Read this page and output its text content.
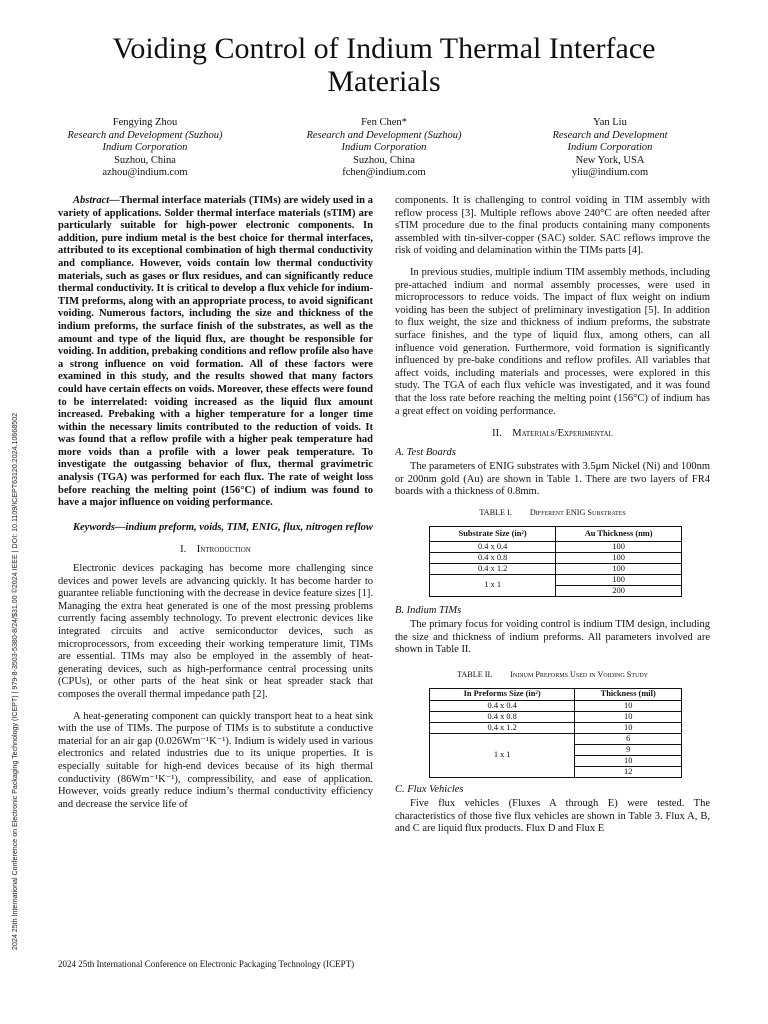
Voiding Control of Indium Thermal Interface Materials
Fengying Zhou
Research and Development (Suzhou)
Indium Corporation
Suzhou, China
azhou@indium.com
Fen Chen*
Research and Development (Suzhou)
Indium Corporation
Suzhou, China
fchen@indium.com
Yan Liu
Research and Development
Indium Corporation
New York, USA
yliu@indium.com
2024 25th International Conference on Electronic Packaging Technology (ICEPT) | 979-8-3503-5380-8/24/$31.00 ©2024 IEEE | DOI: 10.1109/ICEPT63120.2024.10668502

Abstract—Thermal interface materials (TIMs) are widely used in a variety of applications. Solder thermal interface materials (sTIM) are particularly suitable for high-power electronic components. In addition, pure indium metal is the best choice for thermal interfaces, attributed to its exceptional combination of high thermal conductivity and compliance. However, voids contain low thermal conductivity materials, such as gases or flux residues, and can significantly reduce thermal conductivity. It is critical to develop a flux vehicle for indium-TIM preforms, along with an appropriate process, to avoid significant voiding. Numerous factors, including the size and thickness of the indium preforms, the surface finish of the substrates, as well as the amount and type of the liquid flux, are thought be responsible for voiding. In addition, prebaking conditions and reflow profile also have a strong influence on void formation. All of these factors were examined in this study, and the results showed that many factors could have certain effects on voids. Moreover, these effects were found to be interrelated: voiding increased as the liquid flux amount increased. Prebaking with a higher temperature for a longer time within the necessary limits contributed to the reduction of voids. It was found that a reflow profile with a higher peak temperature had more voids than a profile with a lower peak temperature. To investigate the outgassing behavior of flux, thermal gravimetric analysis (TGA) was performed for each flux. The rate of weight loss before reaching the melting point (156°C) of indium was found to have a major influence on voiding performance.

Keywords—indium preform, voids, TIM, ENIG, flux, nitrogen reflow

I. Introduction

Electronic devices packaging has become more challenging since devices and power levels are advancing quickly. It has become harder to guarantee reliable functioning with the decrease in device feature sizes [1]. Managing the extra heat generated is one of the most pressing problems currently facing assembly technology. To prevent electronic devices like integrated circuits and active semiconductor devices, such as microprocessors, from exceeding their working temperature limit, TIMs are essential. TIMs may also be employed in the assembly of heat-generating devices, such as high-performance central processing units (CPUs), or other parts of the heat sink or heat spreader stack that composes the overall thermal impedance path [2].

A heat-generating component can quickly transport heat to a heat sink with the use of TIMs. The purpose of TIMs is to substitute a conductive material for an air gap (0.026Wm⁻¹K⁻¹). Indium is widely used in various electronics and related industries due to its unique properties. It is especially suitable for high-end devices because of its high thermal conductivity (86Wm⁻¹K⁻¹), compressibility, and ease of application. However, voids greatly reduce indium’s thermal conductivity efficiency and decrease the service life of

components. It is challenging to control voiding in TIM assembly with reflow process [3]. Multiple reflows above 240°C are often needed after sTIM procedure due to the final products containing many components assembled with tin-silver-copper (SAC) solder. SAC reflows improve the risk of voiding and delamination within the TIMs parts [4].

In previous studies, multiple indium TIM assembly methods, including pre-attached indium and normal assembly processes, were used in microprocessors to reduce voids. The impact of flux weight on indium voiding has been the subject of preliminary investigation [5]. In addition to flux weight, the size and thickness of indium preforms, the substrate surface finishes, and the type of liquid flux, among others, can all influence void generation. Furthermore, void formation is significantly influenced by pre-bake conditions and reflow profiles. All variables that affect voids, including materials and processes, were explored in this study. The TGA of each flux vehicle was investigated, and it was found that the loss rate before reaching the melting point (156°C) of indium has a great effect on voiding performance.

II. Materials/Experimental
A. Test Boards

The parameters of ENIG substrates with 3.5μm Nickel (Ni) and 100nm or 200nm gold (Au) are shown in Table 1. There are two layers of FR4 boards with a thickness of 0.8mm.

TABLE I. Different ENIG Substrates
Substrate Size (in²)	Au Thickness (nm)
0.4 x 0.4	100
0.4 x 0.8	100
0.4 x 1.2	100
1 x 1	100
	200
B. Indium TIMs

The primary focus for voiding control is indium TIM design, including the size and thickness of indium preforms. All parameters involved are shown in Table II.

TABLE II. Indium Preforms Used in Voiding Study
In Preforms Size (in²)	Thickness (mil)
0.4 x 0.4	10
0.4 x 0.8	10
0.4 x 1.2	10
1 x 1	6
	9
	10
	12
C. Flux Vehicles

Five flux vehicles (Fluxes A through E) were tested. The characteristics of those five flux vehicles are shown in Table 3. Flux A, B, and C are liquid flux products. Flux D and Flux E

2024 25th International Conference on Electronic Packaging Technology (ICEPT)
